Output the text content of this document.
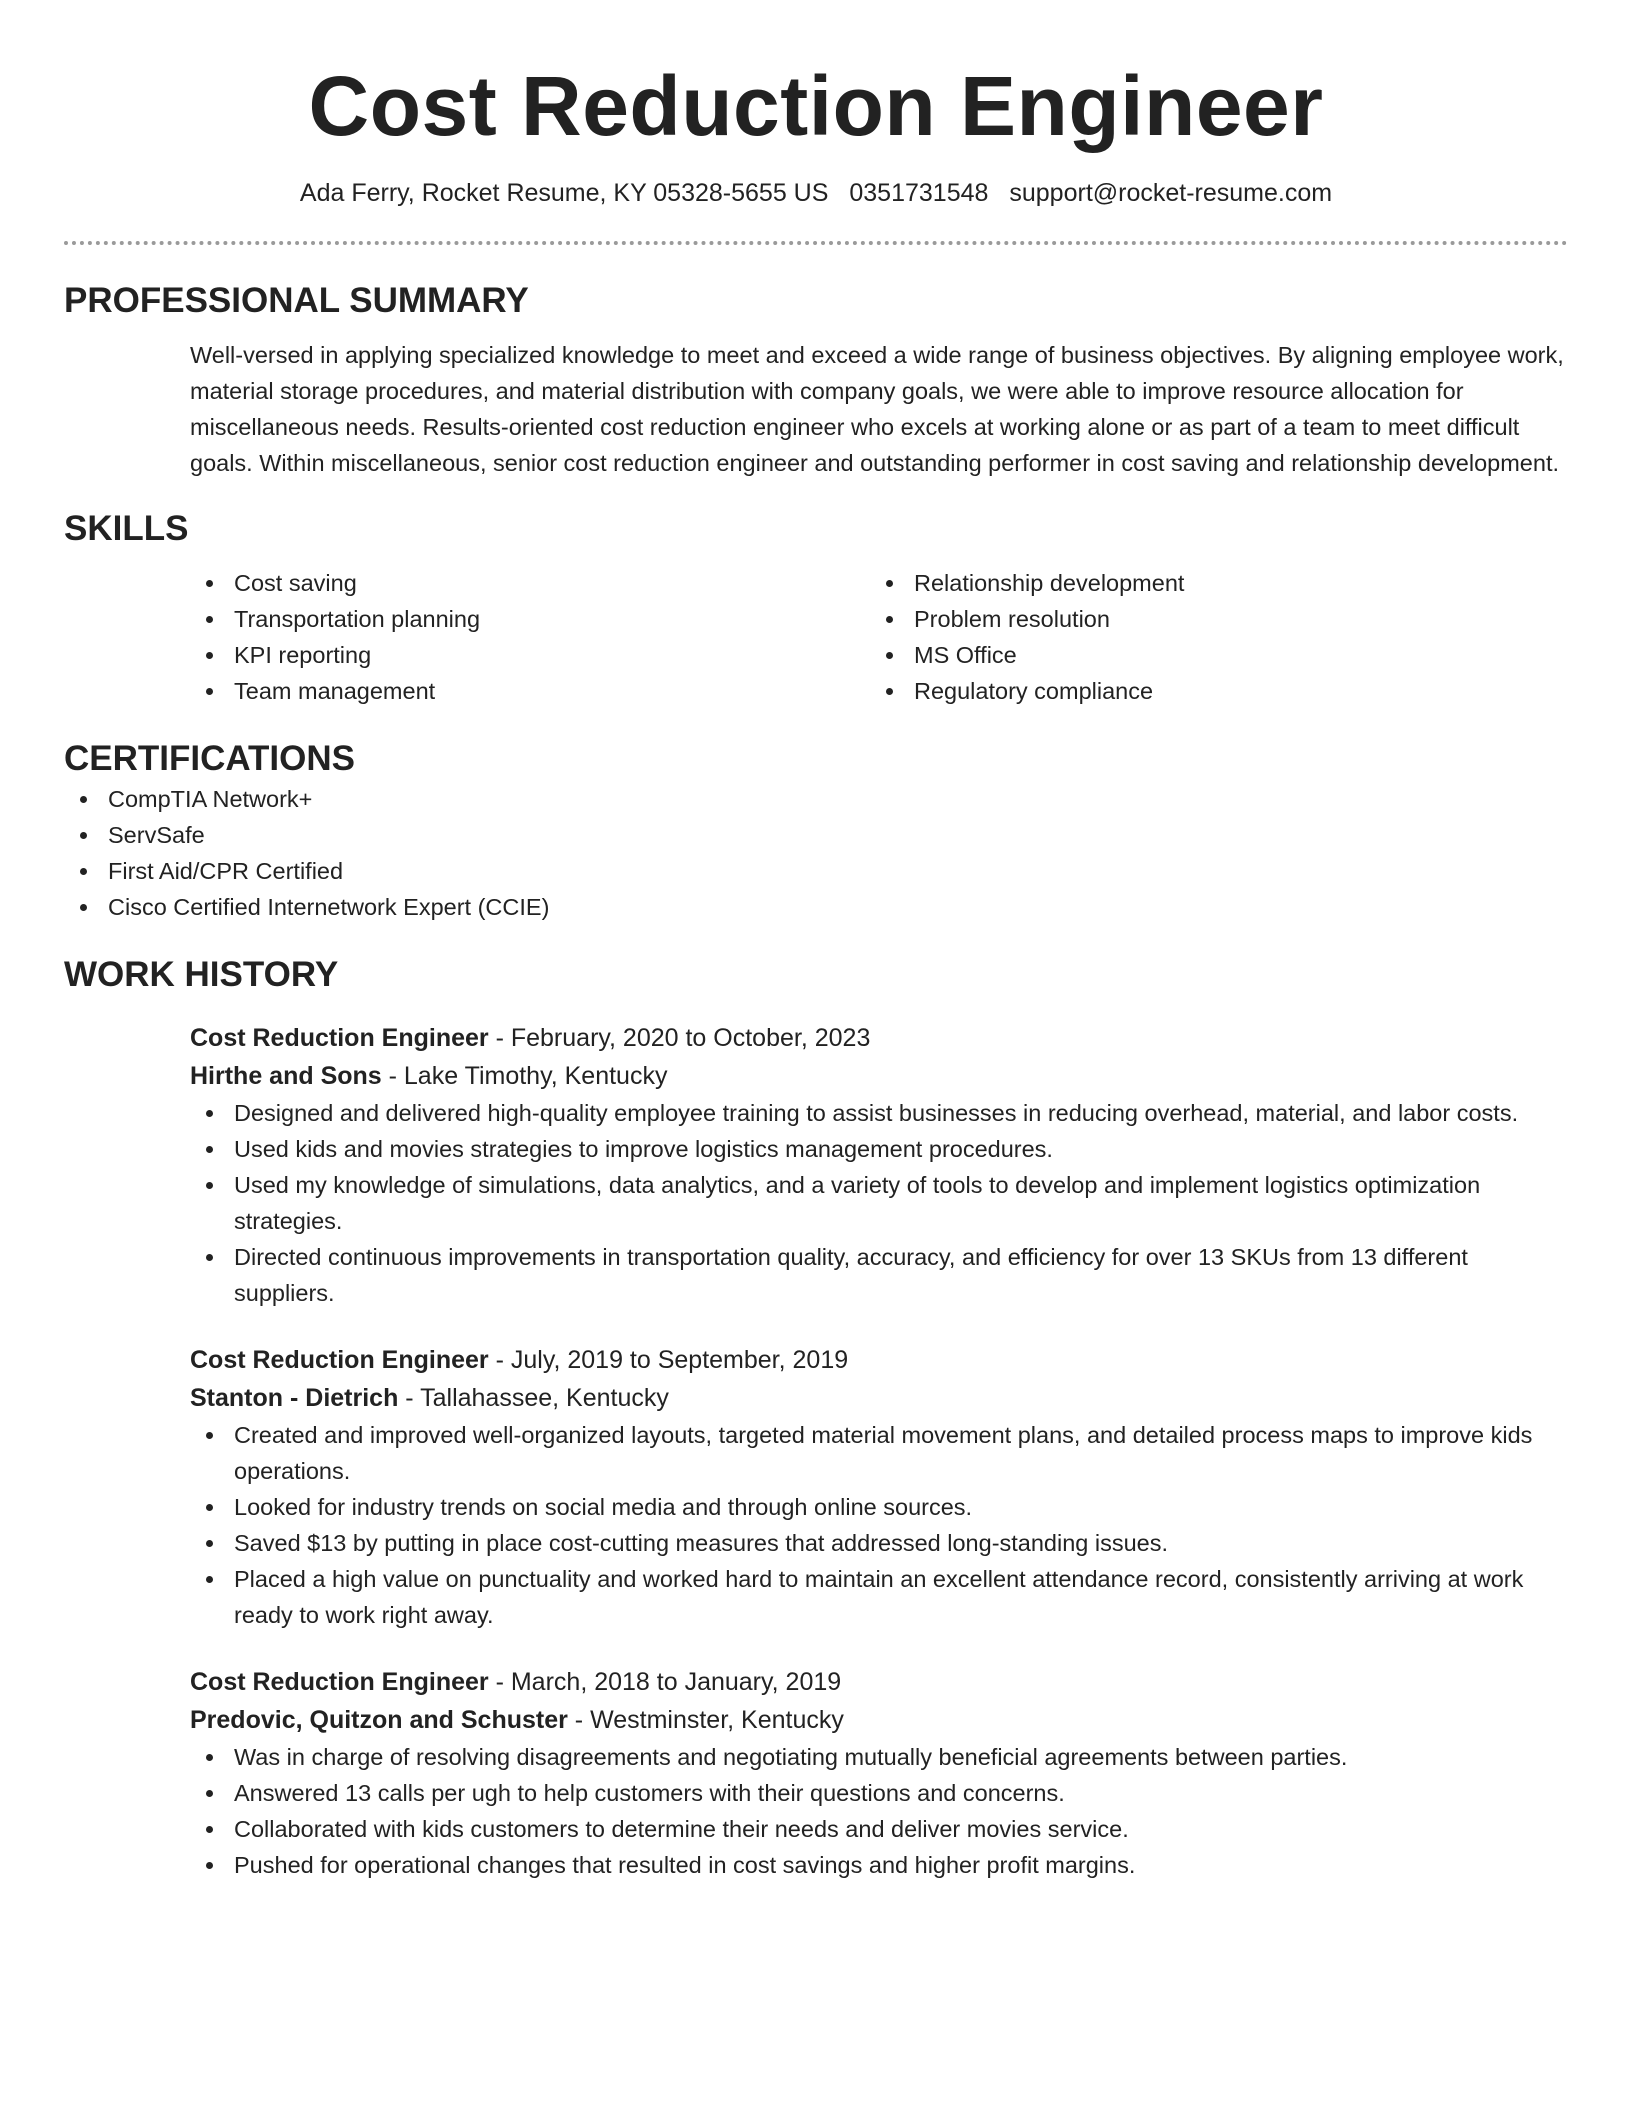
Cost Reduction Engineer
Ada Ferry, Rocket Resume, KY 05328-5655 US 0351731548 support@rocket-resume.com
PROFESSIONAL SUMMARY

Well-versed in applying specialized knowledge to meet and exceed a wide range of business objectives. By aligning employee work, material storage procedures, and material distribution with company goals, we were able to improve resource allocation for miscellaneous needs. Results-oriented cost reduction engineer who excels at working alone or as part of a team to meet difficult goals. Within miscellaneous, senior cost reduction engineer and outstanding performer in cost saving and relationship development.

SKILLS
Cost saving
Transportation planning
KPI reporting
Team management
Relationship development
Problem resolution
MS Office
Regulatory compliance
CERTIFICATIONS
CompTIA Network+
ServSafe
First Aid/CPR Certified
Cisco Certified Internetwork Expert (CCIE)
WORK HISTORY
Cost Reduction Engineer - February, 2020 to October, 2023
Hirthe and Sons - Lake Timothy, Kentucky
Designed and delivered high-quality employee training to assist businesses in reducing overhead, material, and labor costs.
Used kids and movies strategies to improve logistics management procedures.
Used my knowledge of simulations, data analytics, and a variety of tools to develop and implement logistics optimization strategies.
Directed continuous improvements in transportation quality, accuracy, and efficiency for over 13 SKUs from 13 different suppliers.
Cost Reduction Engineer - July, 2019 to September, 2019
Stanton - Dietrich - Tallahassee, Kentucky
Created and improved well-organized layouts, targeted material movement plans, and detailed process maps to improve kids operations.
Looked for industry trends on social media and through online sources.
Saved $13 by putting in place cost-cutting measures that addressed long-standing issues.
Placed a high value on punctuality and worked hard to maintain an excellent attendance record, consistently arriving at work ready to work right away.
Cost Reduction Engineer - March, 2018 to January, 2019
Predovic, Quitzon and Schuster - Westminster, Kentucky
Was in charge of resolving disagreements and negotiating mutually beneficial agreements between parties.
Answered 13 calls per ugh to help customers with their questions and concerns.
Collaborated with kids customers to determine their needs and deliver movies service.
Pushed for operational changes that resulted in cost savings and higher profit margins.
